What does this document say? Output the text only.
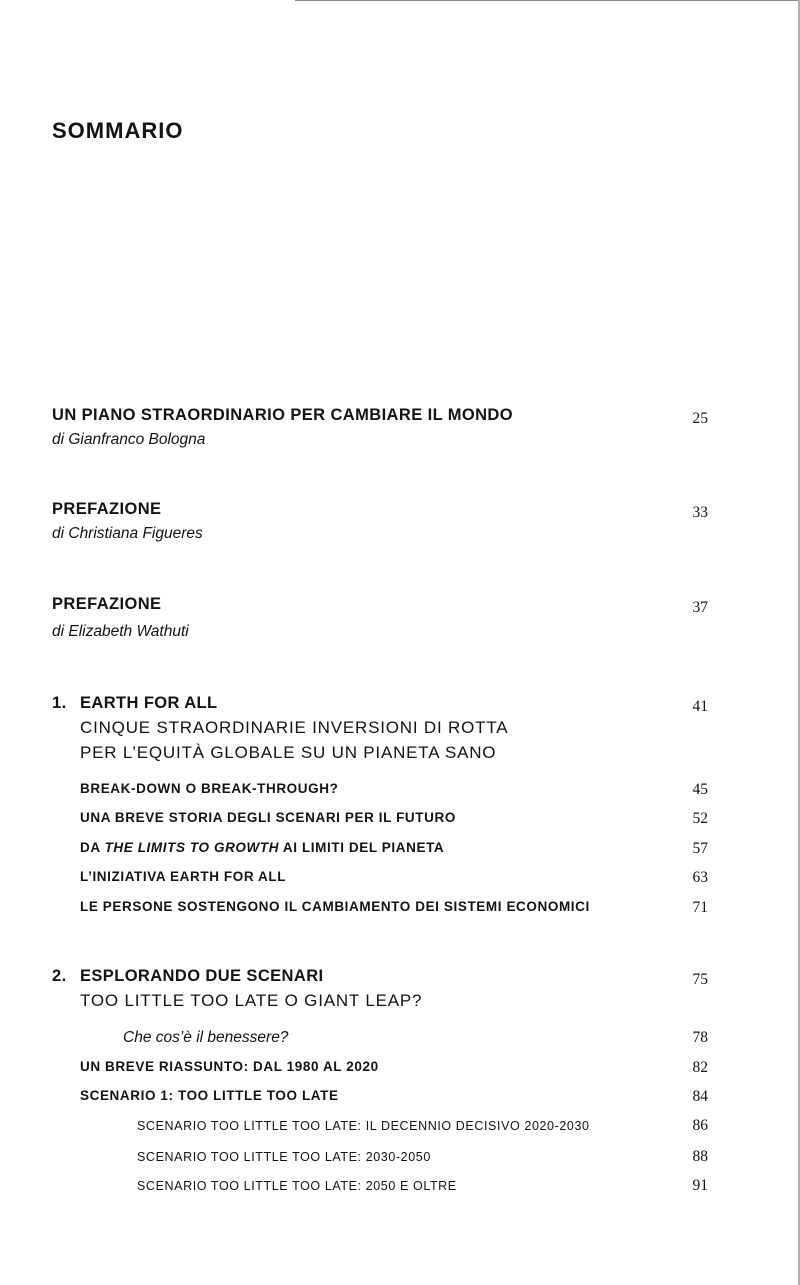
SOMMARIO
UN PIANO STRAORDINARIO PER CAMBIARE IL MONDO
di Gianfranco Bologna
25
PREFAZIONE
di Christiana Figueres
33
PREFAZIONE
di Elizabeth Wathuti
37
1. EARTH FOR ALL
CINQUE STRAORDINARIE INVERSIONI DI ROTTA
PER L’EQUITÀ GLOBALE SU UN PIANETA SANO
41
BREAK-DOWN O BREAK-THROUGH?	45
UNA BREVE STORIA DEGLI SCENARI PER IL FUTURO	52
DA THE LIMITS TO GROWTH AI LIMITI DEL PIANETA	57
L’INIZIATIVA EARTH FOR ALL	63
LE PERSONE SOSTENGONO IL CAMBIAMENTO DEI SISTEMI ECONOMICI	71
2. ESPLORANDO DUE SCENARI
TOO LITTLE TOO LATE O GIANT LEAP?
75
Che cos’è il benessere?	78
UN BREVE RIASSUNTO: DAL 1980 AL 2020	82
SCENARIO 1: TOO LITTLE TOO LATE	84
SCENARIO TOO LITTLE TOO LATE: IL DECENNIO DECISIVO 2020-2030	86
SCENARIO TOO LITTLE TOO LATE: 2030-2050	88
SCENARIO TOO LITTLE TOO LATE: 2050 E OLTRE	91
